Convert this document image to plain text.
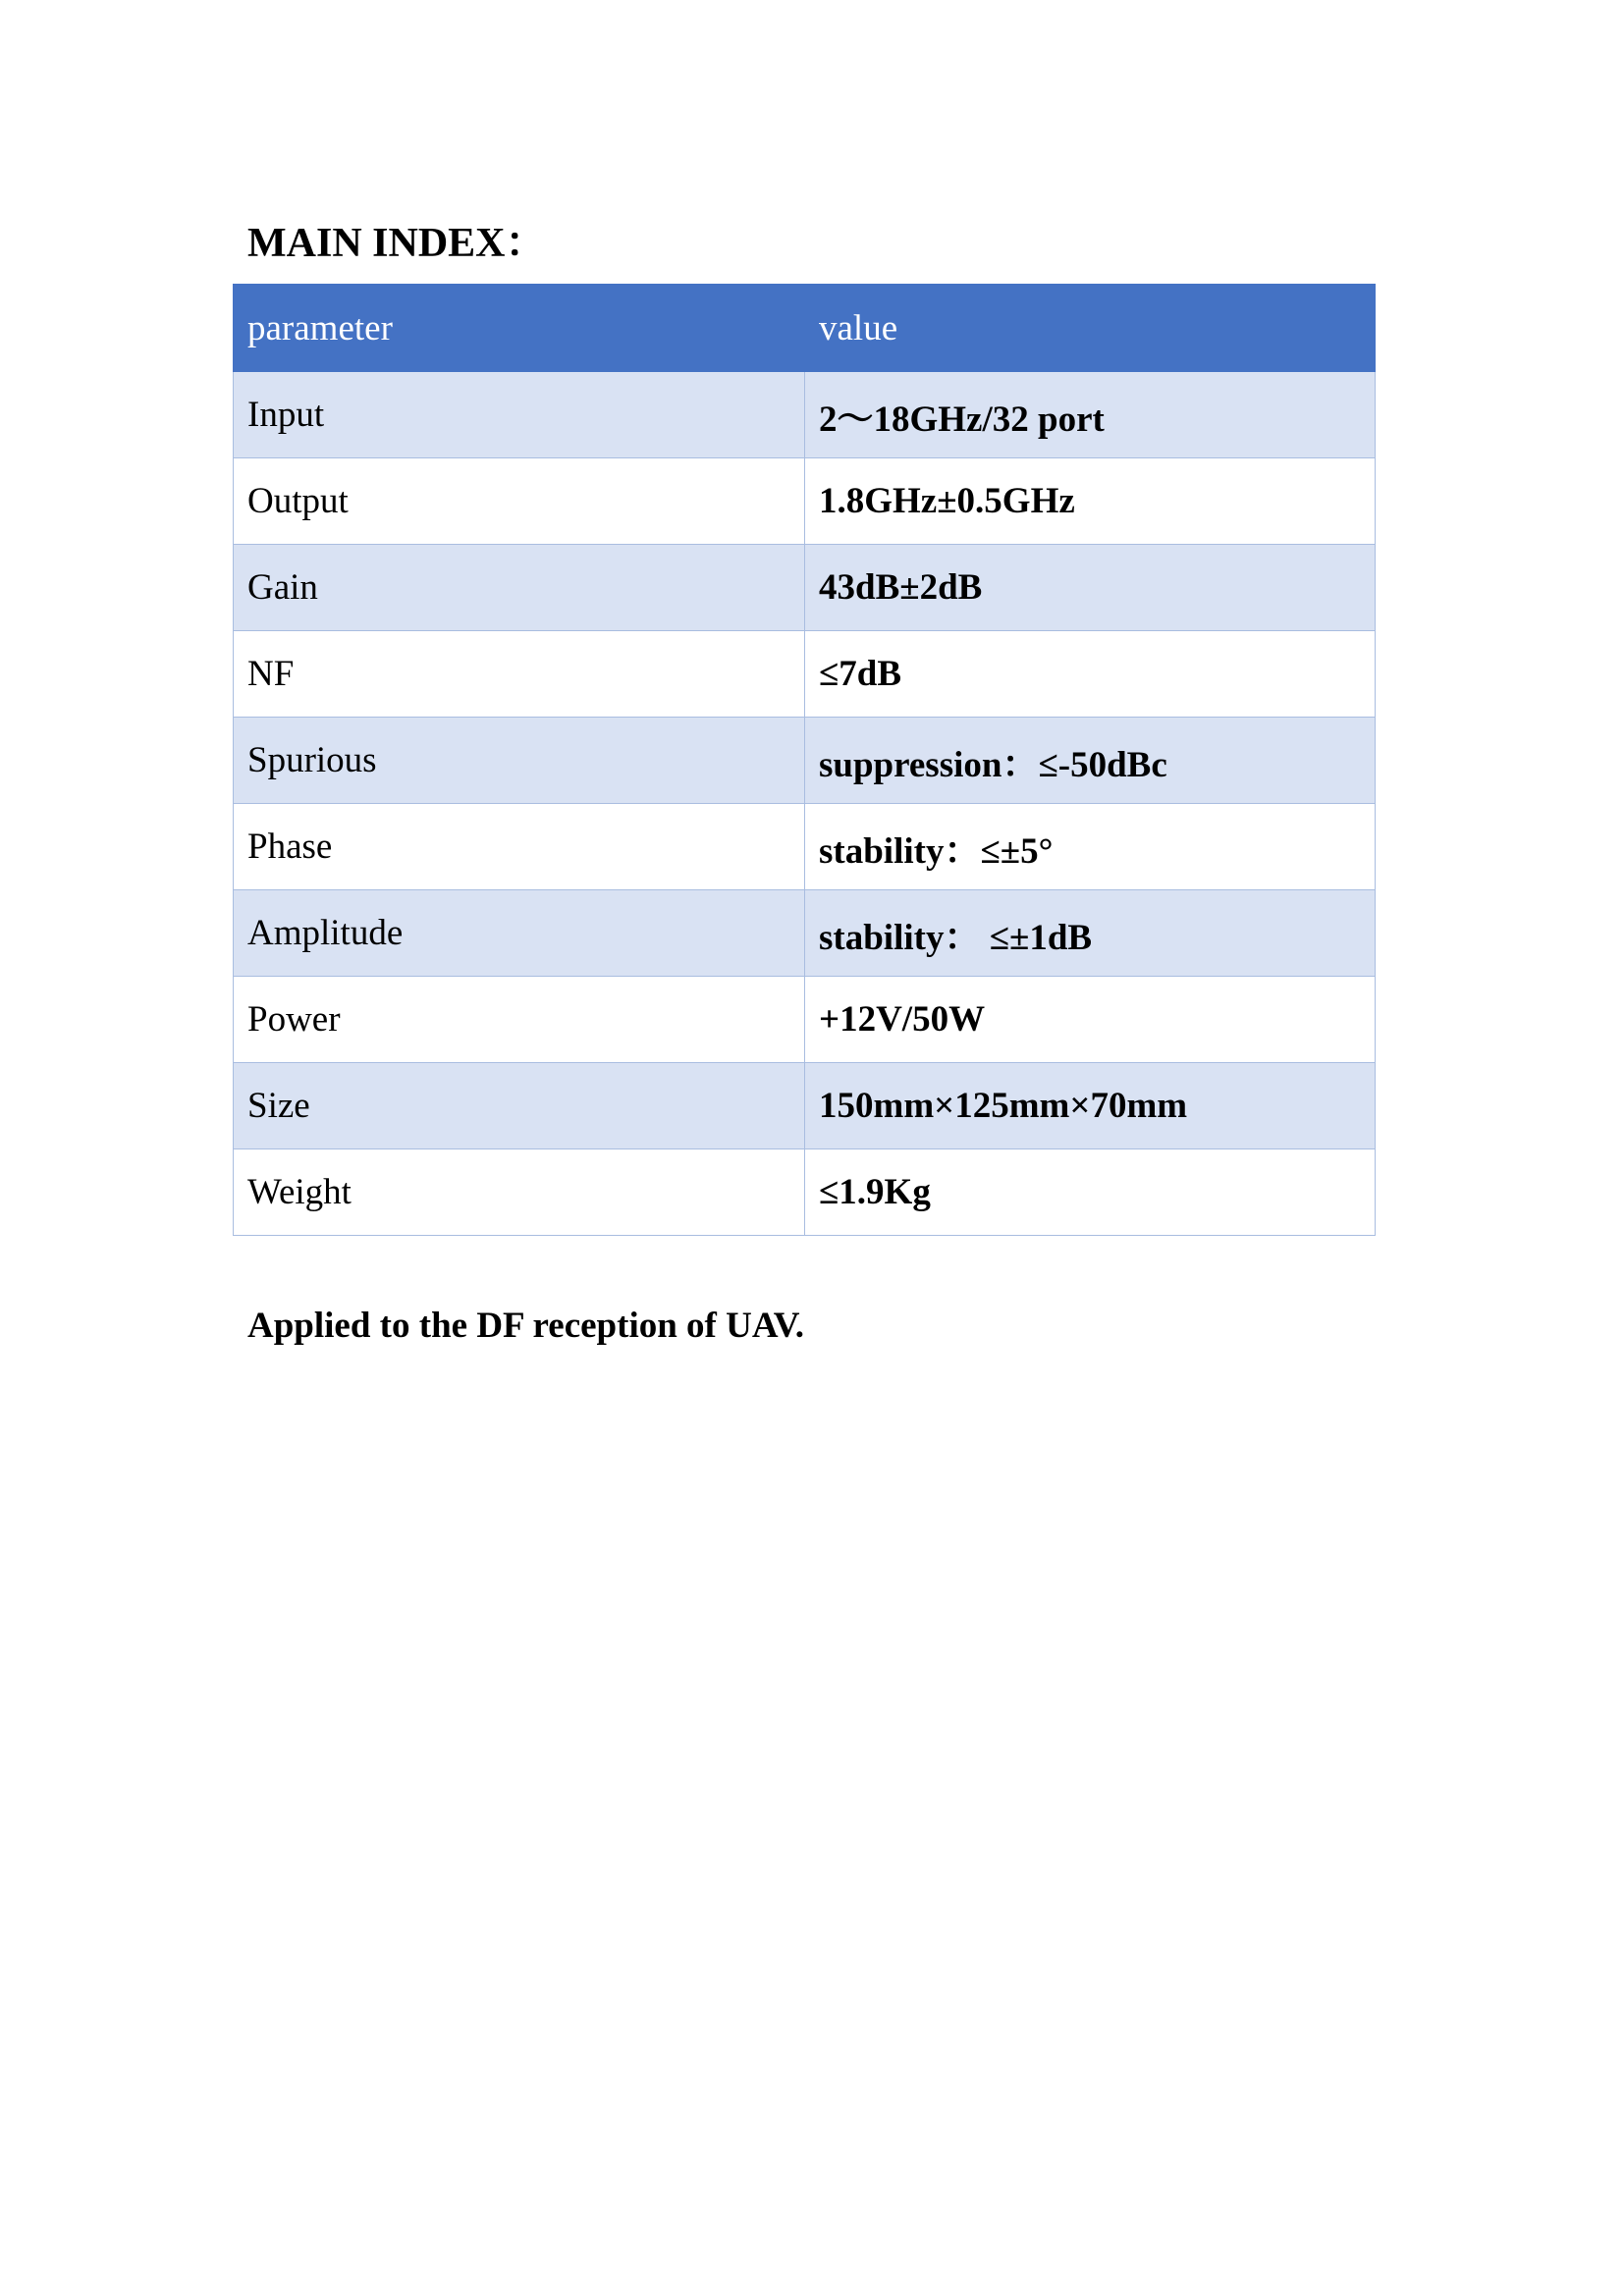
MAIN INDEX：
parameter	value
Input	2～18GHz/32 port
Output	1.8GHz±0.5GHz
Gain	43dB±2dB
NF	≤7dB
Spurious	suppression：≤-50dBc
Phase	stability：≤±5°
Amplitude	stability： ≤±1dB
Power	+12V/50W
Size	150mm×125mm×70mm
Weight	≤1.9Kg

Applied to the DF reception of UAV.
